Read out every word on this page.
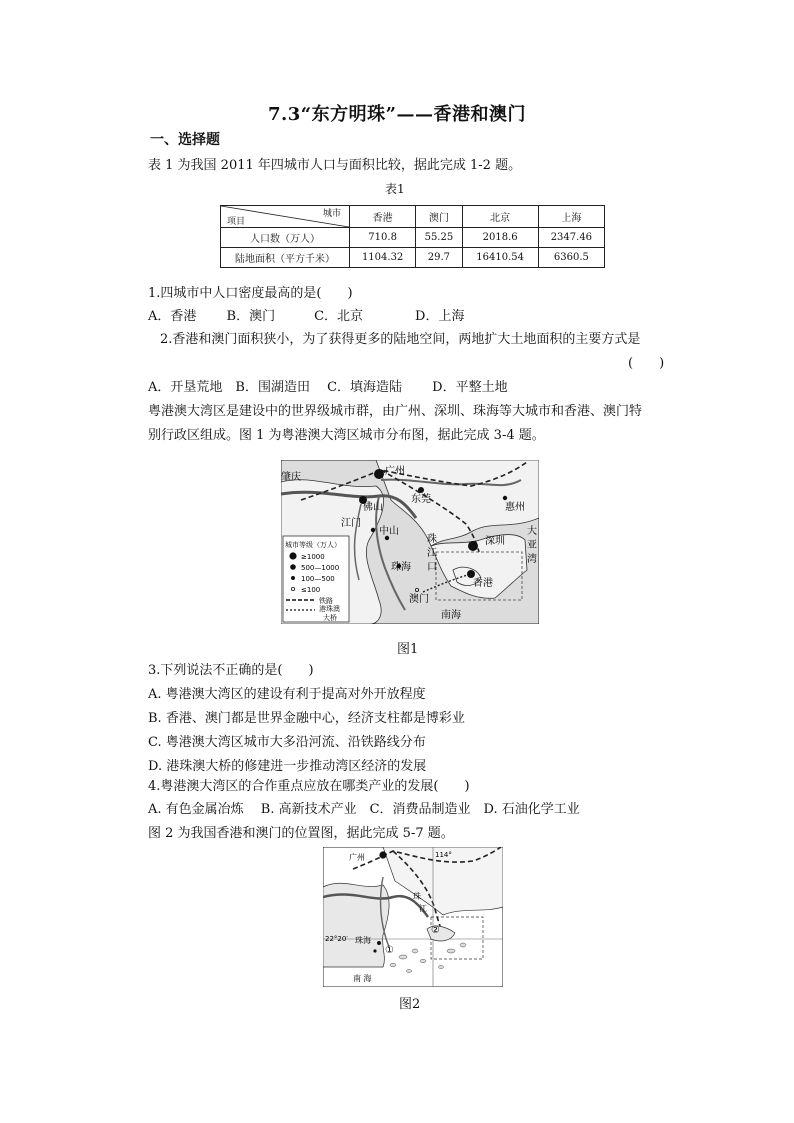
7.3“东方明珠”——香港和澳门
一、选择题
表 1 为我国 2011 年四城市人口与面积比较，据此完成 1-2 题。
表1
城市
项目	香港	澳门	北京	上海
人口数（万人）	710.8	55.25	2018.6	2347.46
陆地面积（平方千米）	1104.32	29.7	16410.54	6360.5
1.四城市中人口密度最高的是(　　)
A．香港　　 B．澳门　　　C．北京　　　　D．上海
2.香港和澳门面积狭小，为了获得更多的陆地空间，两地扩大土地面积的主要方式是
(　　)
A．开垦荒地　B．围湖造田　 C．填海造陆　　 D．平整土地
粤港澳大湾区是建设中的世界级城市群，由广州、深圳、珠海等大城市和香港、澳门特
别行政区组成。图 1 为粤港澳大湾区城市分布图，据此完成 3-4 题。
肇庆
广州
佛山
东莞
惠州
江门
中山
深圳
珠海
香港
澳门
珠
江
口
大
亚
湾
南海
城市等级（万人）
≥1000
500—1000
100—500
≤100
铁路
港珠澳
大桥
图1
3.下列说法不正确的是(　　)
A. 粤港澳大湾区的建设有利于提高对外开放程度
B. 香港、澳门都是世界金融中心，经济支柱都是博彩业
C. 粤港澳大湾区城市大多沿河流、沿铁路线分布
D. 港珠澳大桥的修建进一步推动湾区经济的发展
4.粤港澳大湾区的合作重点应放在哪类产业的发展(　　)
A. 有色金属冶炼　 B. 高新技术产业　C．消费品制造业　D. 石油化学工业
图 2 为我国香港和澳门的位置图，据此完成 5-7 题。
广州	114°
珠
江
22°20′ 珠海
①
②
南 海
图2
